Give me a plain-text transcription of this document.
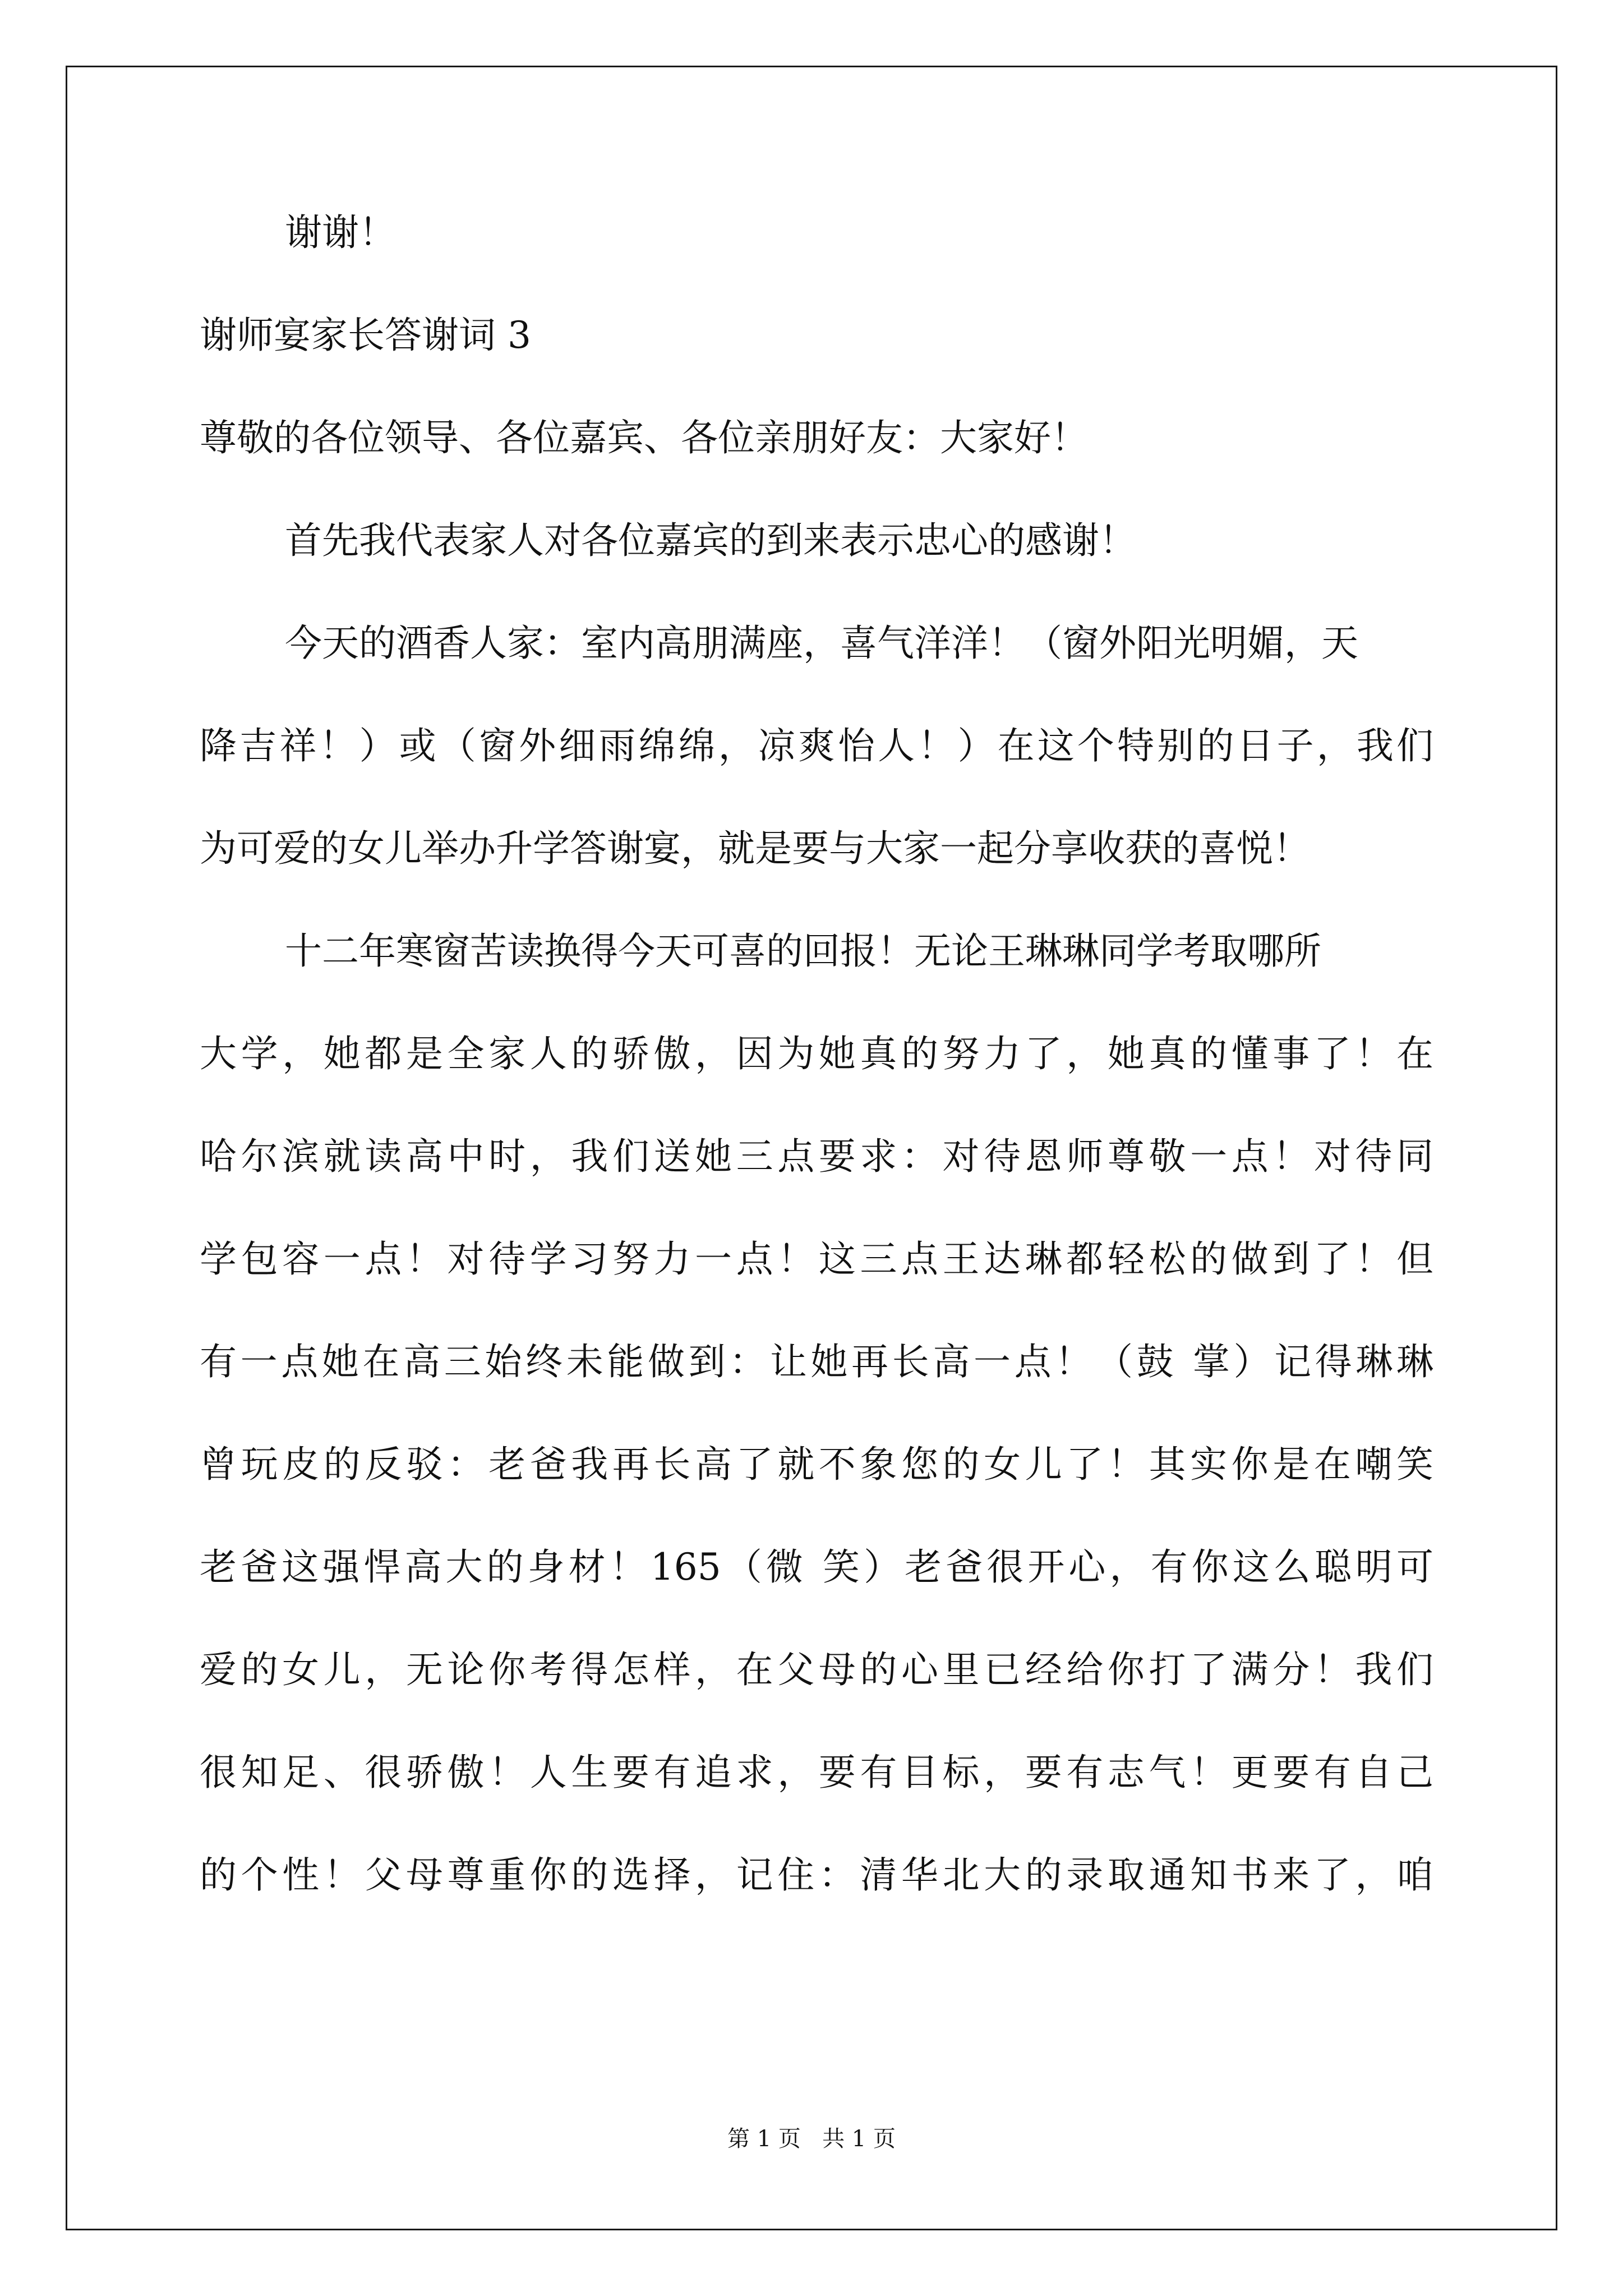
谢谢！
谢师宴家长答谢词 3
尊敬的各位领导、各位嘉宾、各位亲朋好友：大家好！
首先我代表家人对各位嘉宾的到来表示忠心的感谢！
今天的酒香人家：室内高朋满座，喜气洋洋！（窗外阳光明媚，天
降吉祥！）或（窗外细雨绵绵，凉爽怡人！）在这个特别的日子，我们
为可爱的女儿举办升学答谢宴，就是要与大家一起分享收获的喜悦！
十二年寒窗苦读换得今天可喜的回报！无论王琳琳同学考取哪所
大学，她都是全家人的骄傲，因为她真的努力了，她真的懂事了！在
哈尔滨就读高中时，我们送她三点要求：对待恩师尊敬一点！对待同
学包容一点！对待学习努力一点！这三点王达琳都轻松的做到了！但
有一点她在高三始终未能做到：让她再长高一点！（鼓 掌）记得琳琳
曾玩皮的反驳：老爸我再长高了就不象您的女儿了！其实你是在嘲笑
老爸这强悍高大的身材！165（微 笑）老爸很开心，有你这么聪明可
爱的女儿，无论你考得怎样，在父母的心里已经给你打了满分！我们
很知足、很骄傲！人生要有追求，要有目标，要有志气！更要有自己
的个性！父母尊重你的选择，记住：清华北大的录取通知书来了，咱
第 1 页   共 1 页
